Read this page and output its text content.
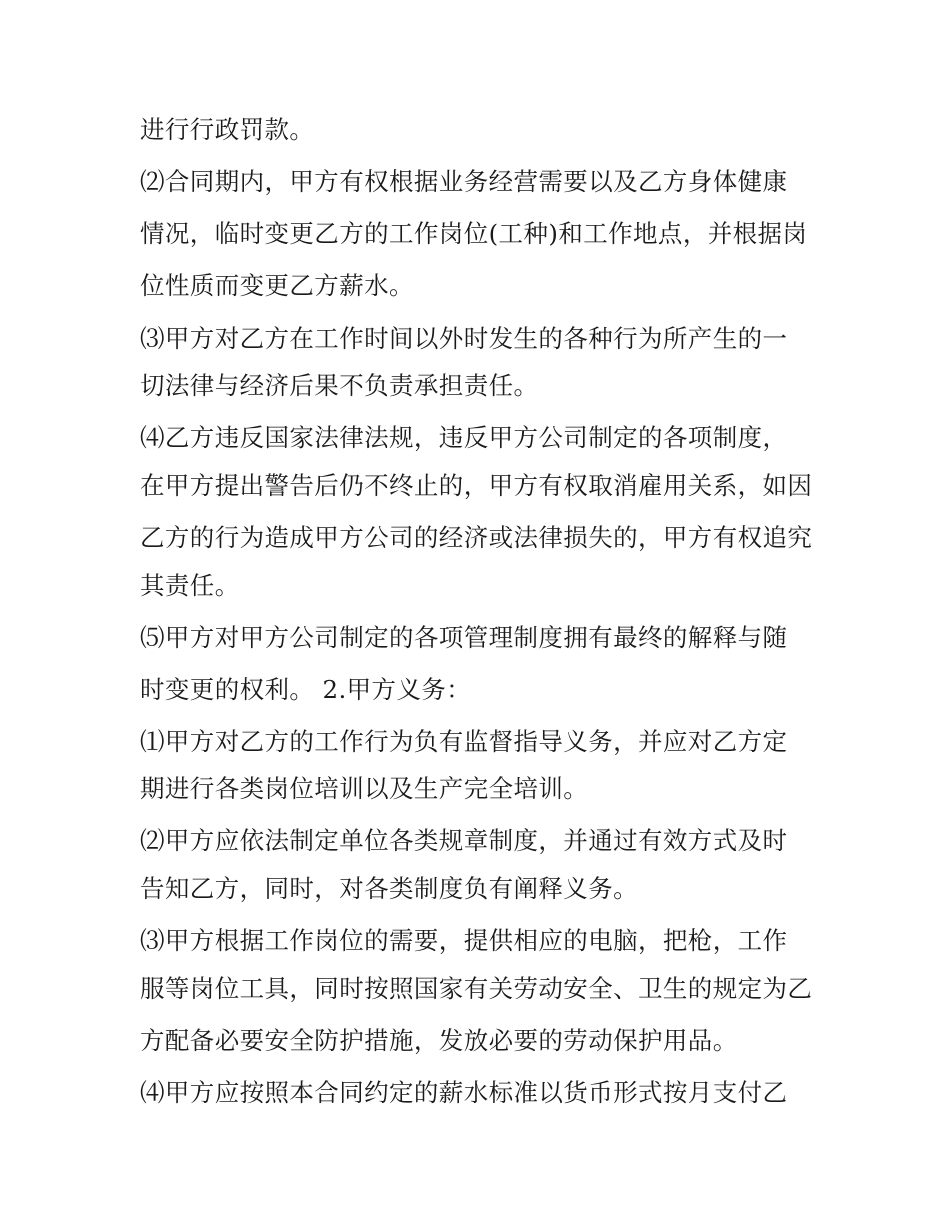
进行行政罚款。
⑵合同期内，甲方有权根据业务经营需要以及乙方身体健康
情况，临时变更乙方的工作岗位(工种)和工作地点，并根据岗
位性质而变更乙方薪水。
⑶甲方对乙方在工作时间以外时发生的各种行为所产生的一
切法律与经济后果不负责承担责任。
⑷乙方违反国家法律法规，违反甲方公司制定的各项制度，
在甲方提出警告后仍不终止的，甲方有权取消雇用关系，如因
乙方的行为造成甲方公司的经济或法律损失的，甲方有权追究
其责任。
⑸甲方对甲方公司制定的各项管理制度拥有最终的解释与随
时变更的权利。 2.甲方义务：
⑴甲方对乙方的工作行为负有监督指导义务，并应对乙方定
期进行各类岗位培训以及生产完全培训。
⑵甲方应依法制定单位各类规章制度，并通过有效方式及时
告知乙方，同时，对各类制度负有阐释义务。
⑶甲方根据工作岗位的需要，提供相应的电脑，把枪，工作
服等岗位工具，同时按照国家有关劳动安全、卫生的规定为乙
方配备必要安全防护措施，发放必要的劳动保护用品。
⑷甲方应按照本合同约定的薪水标准以货币形式按月支付乙
